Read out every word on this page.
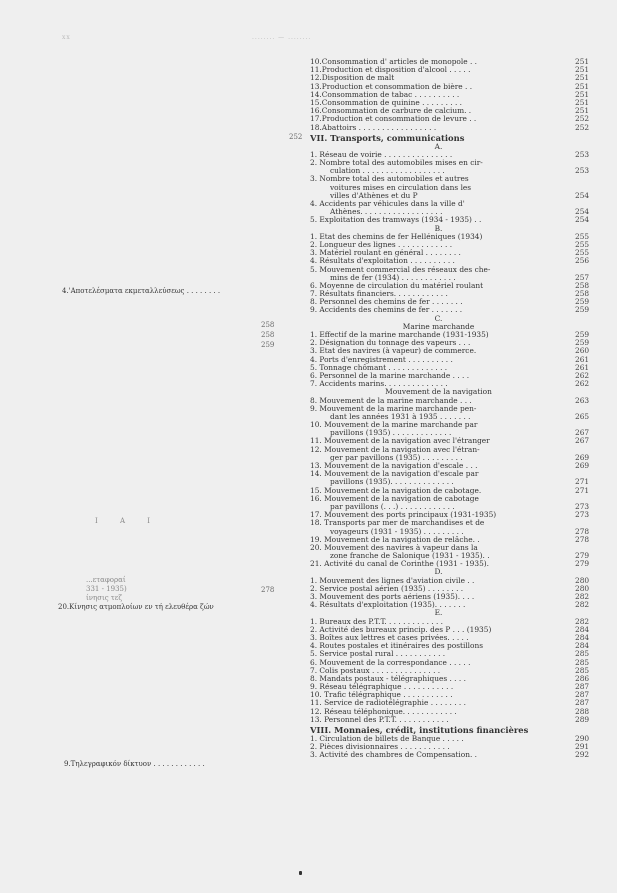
xx	........ — ........
4.'Αποτελέσματα εκμεταλλεύσεως . . . . . . . .
258
258
259
Ι Α Ι
...εταφοραί
331 - 1935)
ίνησις τεζ
20.Κίνησις ατμοπλοίων εν τή ελευθέρα ζών
278
9.Τηλεγραφικόν δίκτυον . . . . . . . . . . . .
252
10.Consommation d' articles de monopole . .	251
11.Production et disposition d'alcool . . . . .	251
12.Disposition de malt	251
13.Production et consommation de bière . .	251
14.Consommation de tabac . . . . . . . . . .	251
15.Consommation de quinine . . . . . . . . .	251
16.Consommation de carbure de calcium. .	251
17.Production et consommation de levure . .	252
18.Abattoirs . . . . . . . . . . . . . . . . .	252
VII. Transports, communications
A.
1. Réseau de voirie . . . . . . . . . . . . . . .	253
2. Nombre total des automobiles mises en cir-
culation . . . . . . . . . . . . . . . . . .	253
3. Nombre total des automobiles et autres
voitures mises en circulation dans les
villes d'Athènes et du P	254
4. Accidents par véhicules dans la ville d'
Athènes. . . . . . . . . . . . . . . . . .	254
5. Exploitation des tramways (1934 - 1935) . .	254
B.
1. Etat des chemins de fer Helléniques (1934)	255
2. Longueur des lignes . . . . . . . . . . . .	255
3. Matériel roulant en général . . . . . . . .	255
4. Résultats d'exploitation . . . . . . . . . .	256
5. Mouvement commercial des réseaux des che-
mins de fer (1934) . . . . . . . . . . . .	257
6. Moyenne de circulation du matériel roulant	258
7. Résultats financiers. . . . . . . . . . . .	258
8. Personnel des chemins de fer . . . . . . .	259
9. Accidents des chemins de fer . . . . . . .	259
C.
Marine marchande
1. Effectif de la marine marchande (1931-1935)	259
2. Désignation du tonnage des vapeurs . . .	259
3. Etat des navires (à vapeur) de commerce.	260
4. Ports d'enregistrement . . . . . . . . . .	261
5. Tonnage chômant . . . . . . . . . . . . .	261
6. Personnel de la marine marchande . . . .	262
7. Accidents marins. . . . . . . . . . . . . .	262
Mouvement de la navigation
8. Mouvement de la marine marchande . . .	263
9. Mouvement de la marine marchande pen-
dant les années 1931 à 1935 . . . . . . .	265
10. Mouvement de la marine marchande par
pavillons (1935) . . . . . . . . . . . . .	267
11. Mouvement de la navigation avec l'étranger	267
12. Mouvement de la navigation avec l'étran-
ger par pavillons (1935) . . . . . . . . .	269
13. Mouvement de la navigation d'escale . . .	269
14. Mouvement de la navigation d'escale par
pavillons (1935). . . . . . . . . . . . . .	271
15. Mouvement de la navigation de cabotage.	271
16. Mouvement de la navigation de cabotage
par pavillons (. . .) . . . . . . . . . . . .	273
17. Mouvement des ports principaux (1931-1935)	273
18. Transports par mer de marchandises et de
voyageurs (1931 - 1935) . . . . . . . . .	278
19. Mouvement de la navigation de relâche. .	278
20. Mouvement des navires à vapeur dans la
zone franche de Salonique (1931 - 1935). .	279
21. Activité du canal de Corinthe (1931 - 1935).	279
D.
1. Mouvement des lignes d'aviation civile . .	280
2. Service postal aérien (1935) . . . . . . . .	280
3. Mouvement des ports aériens (1935). . . .	282
4. Résultats d'exploitation (1935). . . . . . .	282
E.
1. Bureaux des P.T.T. . . . . . . . . . . . .	282
2. Activité des bureaux princip. des P . . . (1935)	284
3. Boîtes aux lettres et cases privées. . . . .	284
4. Routes postales et itinéraires des postillons	284
5. Service postal rural . . . . . . . . . . .	285
6. Mouvement de la correspondance . . . . .	285
7. Colis postaux . . . . . . . . . . . . . . .	285
8. Mandats postaux - télégraphiques . . . .	286
9. Réseau télégraphique . . . . . . . . . . .	287
10. Trafic télégraphique . . . . . . . . . . .	287
11. Service de radiotélégraphie . . . . . . . .	287
12. Réseau téléphonique. . . . . . . . . . . .	288
13. Personnel des P.T.T. . . . . . . . . . . .	289
VIII. Monnaies, crédit, institutions financières
1. Circulation de billets de Banque . . . . .	290
2. Pièces divisionnaires . . . . . . . . . . .	291
3. Activité des chambres de Compensation. .	292
